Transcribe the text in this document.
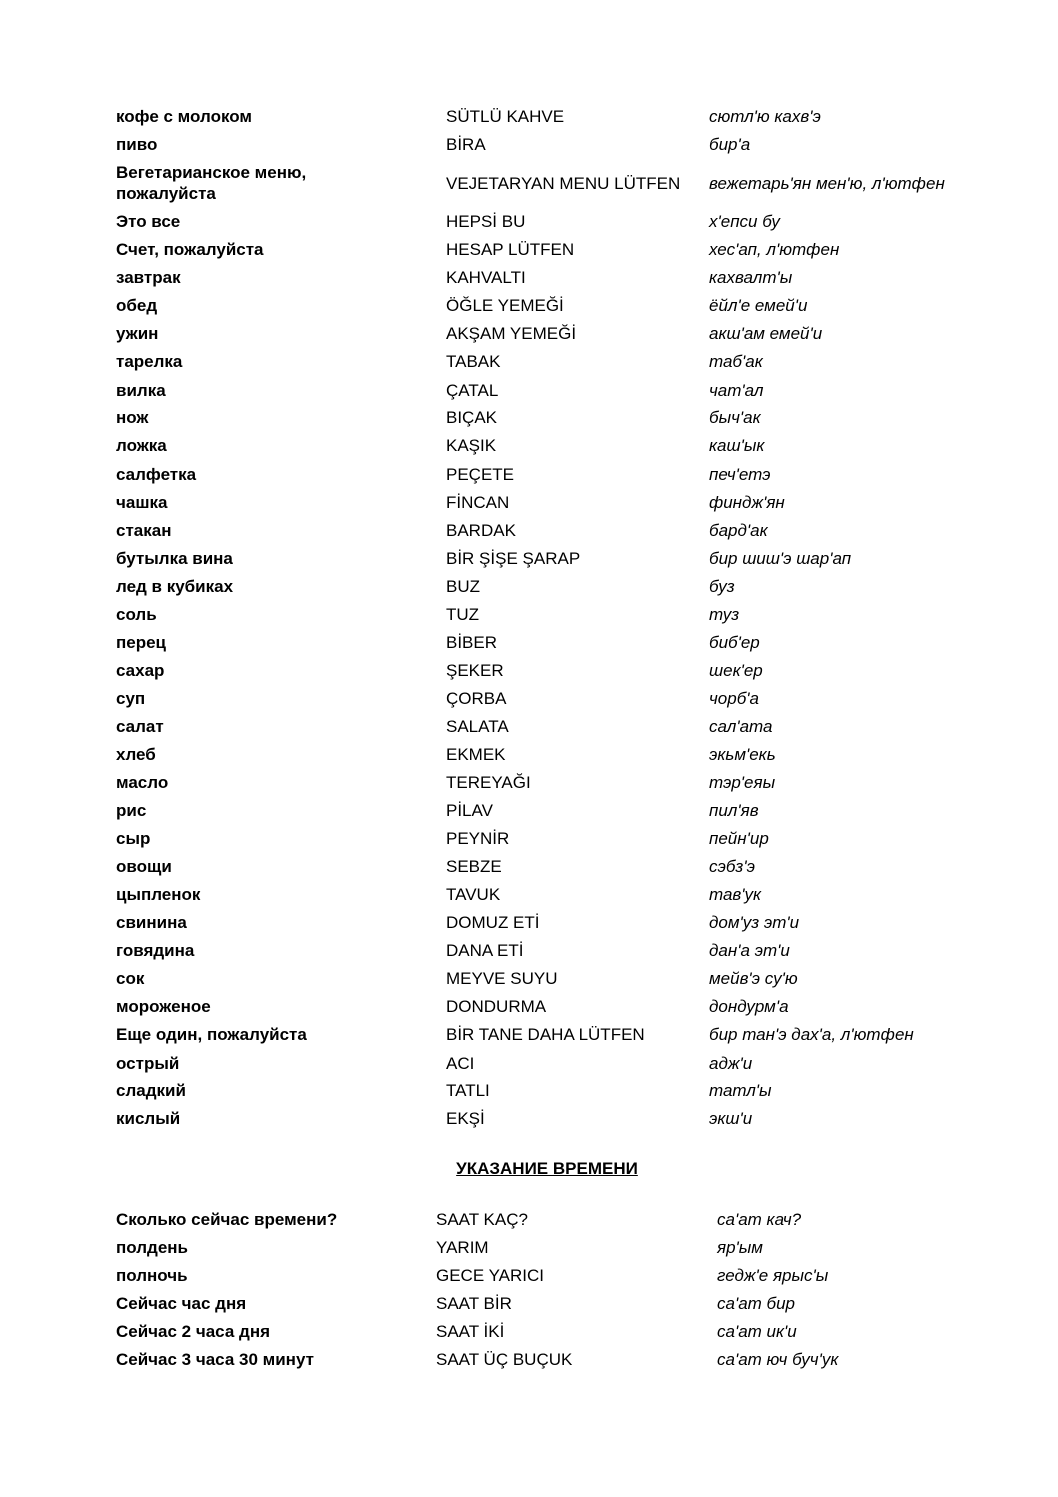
кофе с молоком	SÜTLÜ KAHVE	сютл'ю кахв'э
пиво	BİRA	бир'а
Вегетарианское меню,
пожалуйста
VEJETARYAN MENU LÜTFEN	вежетарь'ян мен'ю, л'ютфен
Это все	HEPSİ BU	х'епси бу
Счет, пожалуйста	HESAP LÜTFEN	хес'ап, л'ютфен
завтрак	KAHVALTI	кахвалт'ы
обед	ÖĞLE YEMEĞİ	ёйл'е емей'и
ужин	AKŞAM YEMEĞİ	акш'ам емей'и
тарелка	TABAK	таб'ак
вилка	ÇATAL	чат'ал
нож	BIÇAK	быч'ак
ложка	KAŞIK	каш'ык
салфетка	PEÇETE	печ'етэ
чашка	FİNCAN	финдж'ян
стакан	BARDAK	бард'ак
бутылка вина	BİR ŞİŞE ŞARAP	бир шиш'э шар'ап
лед в кубиках	BUZ	буз
соль	TUZ	туз
перец	BİBER	биб'ер
сахар	ŞEKER	шек'ер
суп	ÇORBA	чорб'а
салат	SALATA	сал'ата
хлеб	EKMEK	экьм'екь
масло	TEREYAĞI	тэр'еяы
рис	PİLAV	пил'яв
сыр	PEYNİR	пейн'ир
овощи	SEBZE	сэбз'э
цыпленок	TAVUK	тав'ук
свинина	DOMUZ ETİ	дом'уз эт'и
говядина	DANA ETİ	дан'а эт'и
сок	MEYVE SUYU	мейв'э су'ю
мороженое	DONDURMA	дондурм'а
Еще один, пожалуйста	BİR TANE DAHA LÜTFEN	бир тан'э дах'а, л'ютфен
острый	ACI	адж'и
сладкий	TATLI	татл'ы
кислый	EKŞİ	экш'и
УКАЗАНИЕ ВРЕМЕНИ
Сколько сейчас времени?	SAAT KAÇ?	са'ат кач?
полдень	YARIM	яр'ым
полночь	GECE YARICI	гедж'е ярыс'ы
Сейчас час дня	SAAT BİR	са'ат бир
Сейчас 2 часа дня	SAAT İKİ	са'ат ик'и
Сейчас 3 часа 30 минут	SAAT ÜÇ BUÇUK	са'ат юч буч'ук
